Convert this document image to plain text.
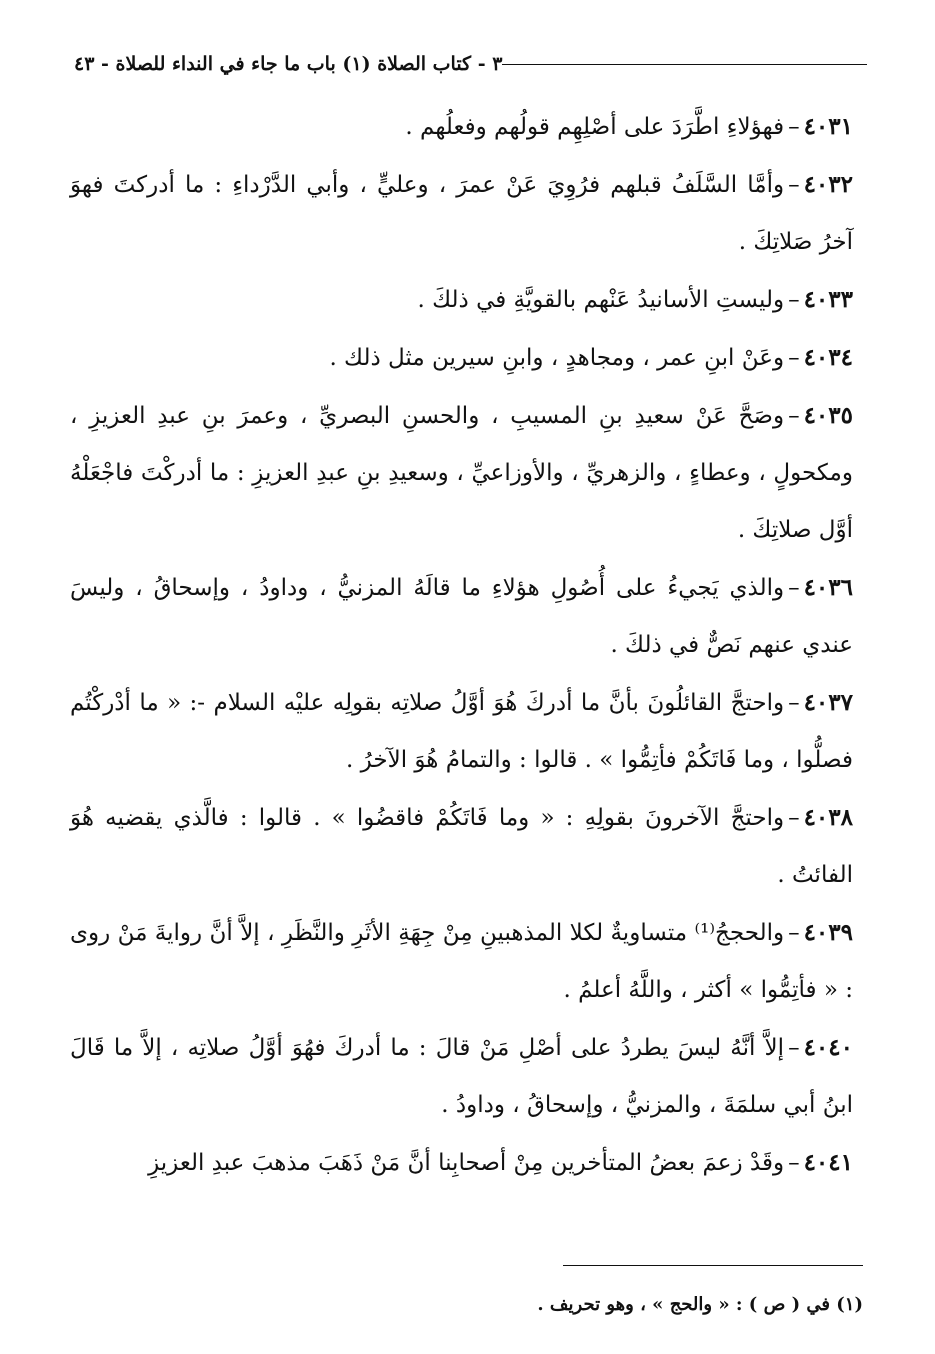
٣ - كتاب الصلاة (١) باب ما جاء في النداء للصلاة - ٤٣

٤٠٣١–فهؤلاءِ اطَّرَدَ على أصْلِهِم قولُهم وفعلُهم .

٤٠٣٢–وأمَّا السَّلَفُ قبلهم فرُوِيَ عَنْ عمرَ ، وعليٍّ ، وأبي الدَّرْداءِ : ما أدركتَ فهوَ آخرُ صَلاتِكَ .

٤٠٣٣–وليستِ الأسانيدُ عَنْهم بالقويَّةِ في ذلكَ .

٤٠٣٤–وعَنْ ابنِ عمر ، ومجاهدٍ ، وابنِ سيرين مثل ذلك .

٤٠٣٥–وصَحَّ عَنْ سعيدِ بنِ المسيبِ ، والحسنِ البصريِّ ، وعمرَ بنِ عبدِ العزيزِ ، ومكحولٍ ، وعطاءٍ ، والزهريِّ ، والأوزاعيِّ ، وسعيدِ بنِ عبدِ العزيزِ : ما أدركْتَ فاجْعَلْهُ أوَّل صلاتِكَ .

٤٠٣٦–والذي يَجيءُ على أُصُولِ هؤلاءِ ما قالَهُ المزنيُّ ، وداودُ ، وإسحاقُ ، وليسَ عندي عنهم نَصٌّ في ذلكَ .

٤٠٣٧–واحتجَّ القائلُونَ بأنَّ ما أدركَ هُوَ أوَّلُ صلاتِه بقولِه عليْه السلام -: « ما أدْركْتُم فصلُّوا ، وما فَاتَكُمْ فأتِمُّوا » . قالوا : والتمامُ هُوَ الآخرُ .

٤٠٣٨–واحتجَّ الآخرونَ بقولِهِ : « وما فَاتَكُمْ فاقضُوا » . قالوا : فالَّذي يقضيه هُوَ الفائتُ .

٤٠٣٩–والحججُ⁽¹⁾ متساويةٌ لكلا المذهبينِ مِنْ جِهَةِ الأثَرِ والنَّظَرِ ، إلاَّ أنَّ روايةَ مَنْ روى : « فأتِمُّوا » أكثر ، واللَّهُ أعلمُ .

٤٠٤٠–إلاَّ أنَّهُ ليسَ يطردُ على أصْلِ مَنْ قالَ : ما أدركَ فهُوَ أوَّلُ صلاتِه ، إلاَّ ما قَالَ ابنُ أبي سلمَةَ ، والمزنيُّ ، وإسحاقُ ، وداودُ .

٤٠٤١–وقَدْ زعمَ بعضُ المتأخرين مِنْ أصحابِنا أنَّ مَنْ ذَهَبَ مذهبَ عبدِ العزيزِ

(١) في ( ص ) : « والحج » ، وهو تحريف .
